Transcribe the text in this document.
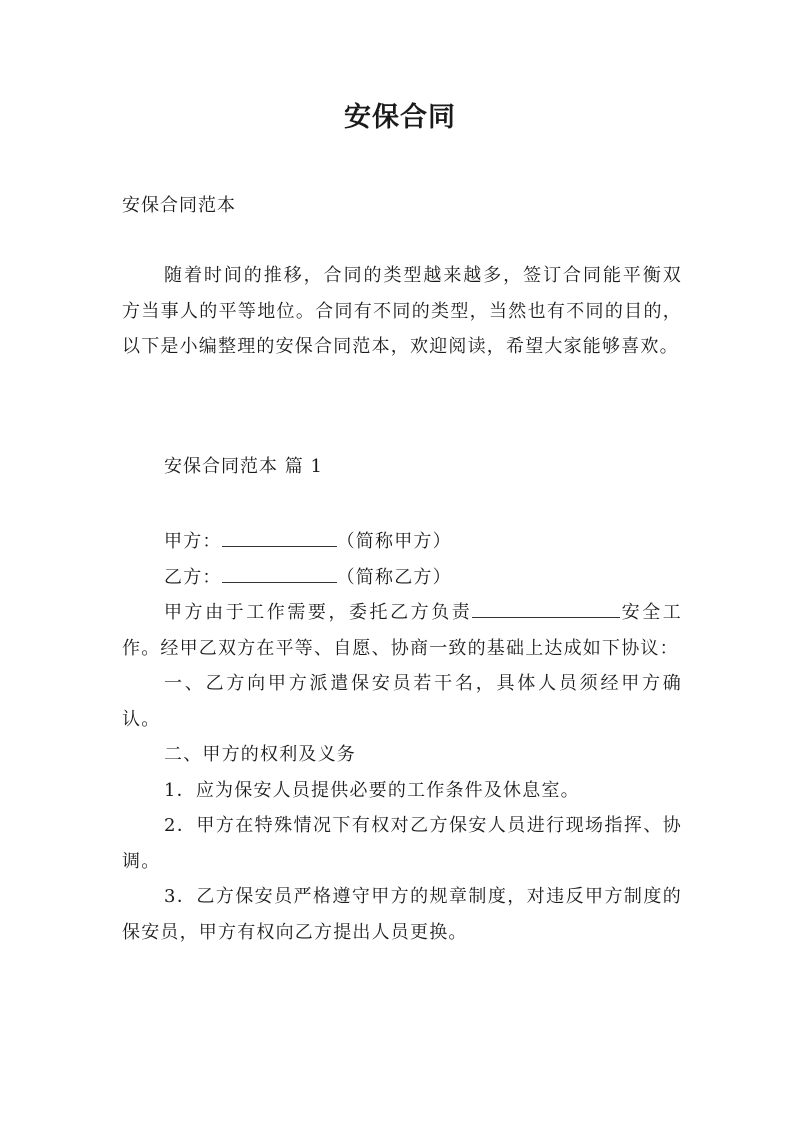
安保合同
安保合同范本
随着时间的推移，合同的类型越来越多，签订合同能平衡双方当事人的平等地位。合同有不同的类型，当然也有不同的目的，以下是小编整理的安保合同范本，欢迎阅读，希望大家能够喜欢。
安保合同范本 篇 1

甲方：	（简称甲方）

乙方：	（简称乙方）

甲方由于工作需要，委托乙方负责	安全工作。经甲乙双方在平等、自愿、协商一致的基础上达成如下协议：

一、乙方向甲方派遣保安员若干名，具体人员须经甲方确认。

二、甲方的权利及义务

1．应为保安人员提供必要的工作条件及休息室。

2．甲方在特殊情况下有权对乙方保安人员进行现场指挥、协调。

3．乙方保安员严格遵守甲方的规章制度，对违反甲方制度的保安员，甲方有权向乙方提出人员更换。
